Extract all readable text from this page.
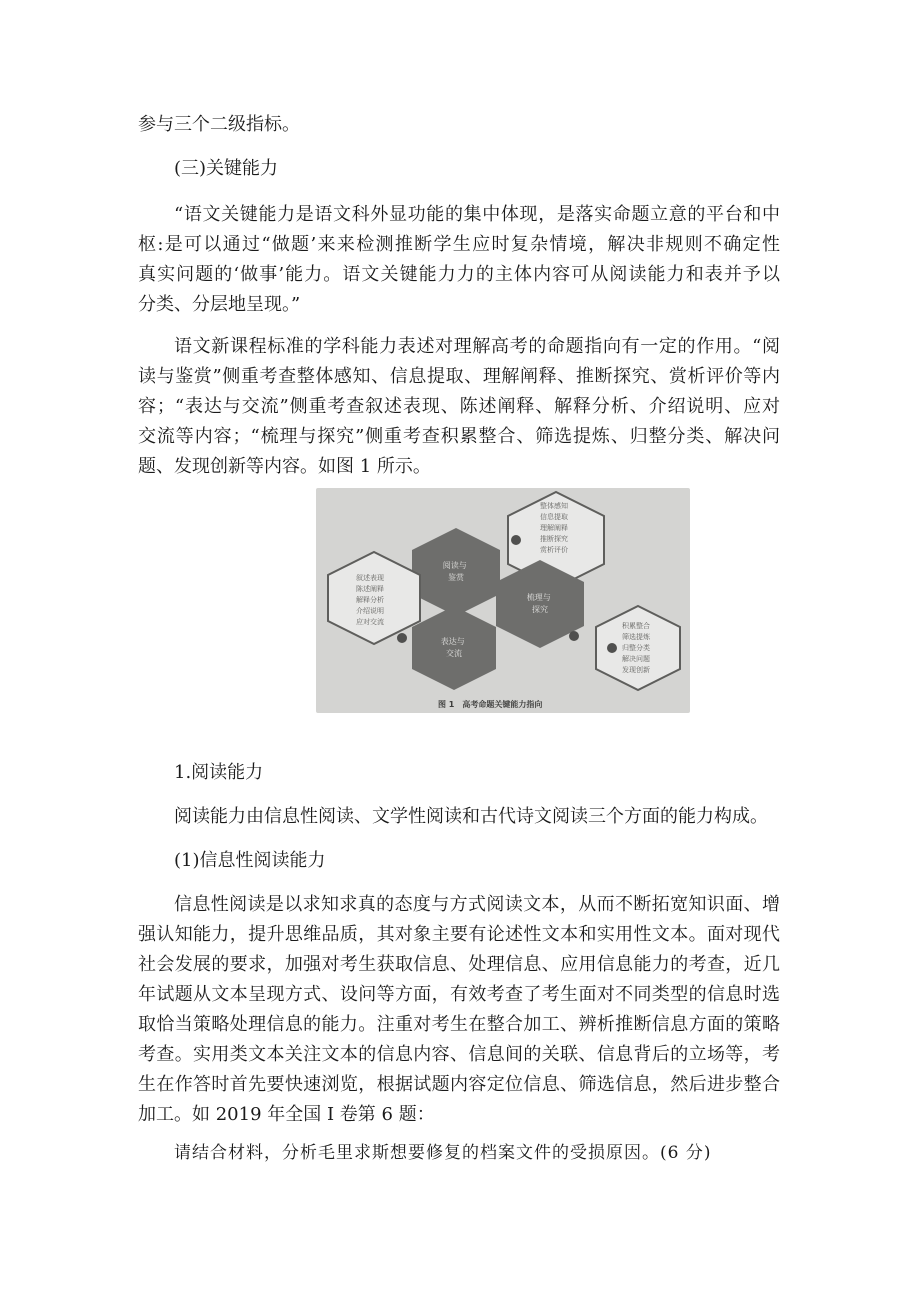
参与三个二级指标。
(三)关键能力
“语文关键能力是语文科外显功能的集中体现，是落实命题立意的平台和中
枢:是可以通过“做题’来来检测推断学生应时复杂情境，解决非规则不确定性
真实问题的‘做事’能力。语文关键能力力的主体内容可从阅读能力和表并予以
分类、分层地呈现。”
语文新课程标准的学科能力表述对理解高考的命题指向有一定的作用。“阅
读与鉴赏”侧重考查整体感知、信息提取、理解阐释、推断探究、赏析评价等内
容；“表达与交流”侧重考查叙述表现、陈述阐释、解释分析、介绍说明、应对
交流等内容；“梳理与探究”侧重考查积累整合、筛选提炼、归整分类、解决问
题、发现创新等内容。如图 1 所示。
阅读与 鉴赏
梳理与 探究
表达与 交流
整体感知 信息提取 理解阐释 推断探究 赏析评价
叙述表现 陈述阐释 解释分析 介绍说明 应对交流	积累整合 筛选提炼 归整分类 解决问题 发现创新
图 1　高考命题关键能力指向
1.阅读能力
阅读能力由信息性阅读、文学性阅读和古代诗文阅读三个方面的能力构成。
(1)信息性阅读能力
信息性阅读是以求知求真的态度与方式阅读文本，从而不断拓宽知识面、增
强认知能力，提升思维品质，其对象主要有论述性文本和实用性文本。面对现代
社会发展的要求，加强对考生获取信息、处理信息、应用信息能力的考查，近几
年试题从文本呈现方式、设问等方面，有效考查了考生面对不同类型的信息时选
取恰当策略处理信息的能力。注重对考生在整合加工、辨析推断信息方面的策略
考查。实用类文本关注文本的信息内容、信息间的关联、信息背后的立场等，考
生在作答时首先要快速浏览，根据试题内容定位信息、筛选信息，然后进步整合
加工。如 2019 年全国 I 卷第 6 题：
请结合材料，分析毛里求斯想要修复的档案文件的受损原因。(6 分)
